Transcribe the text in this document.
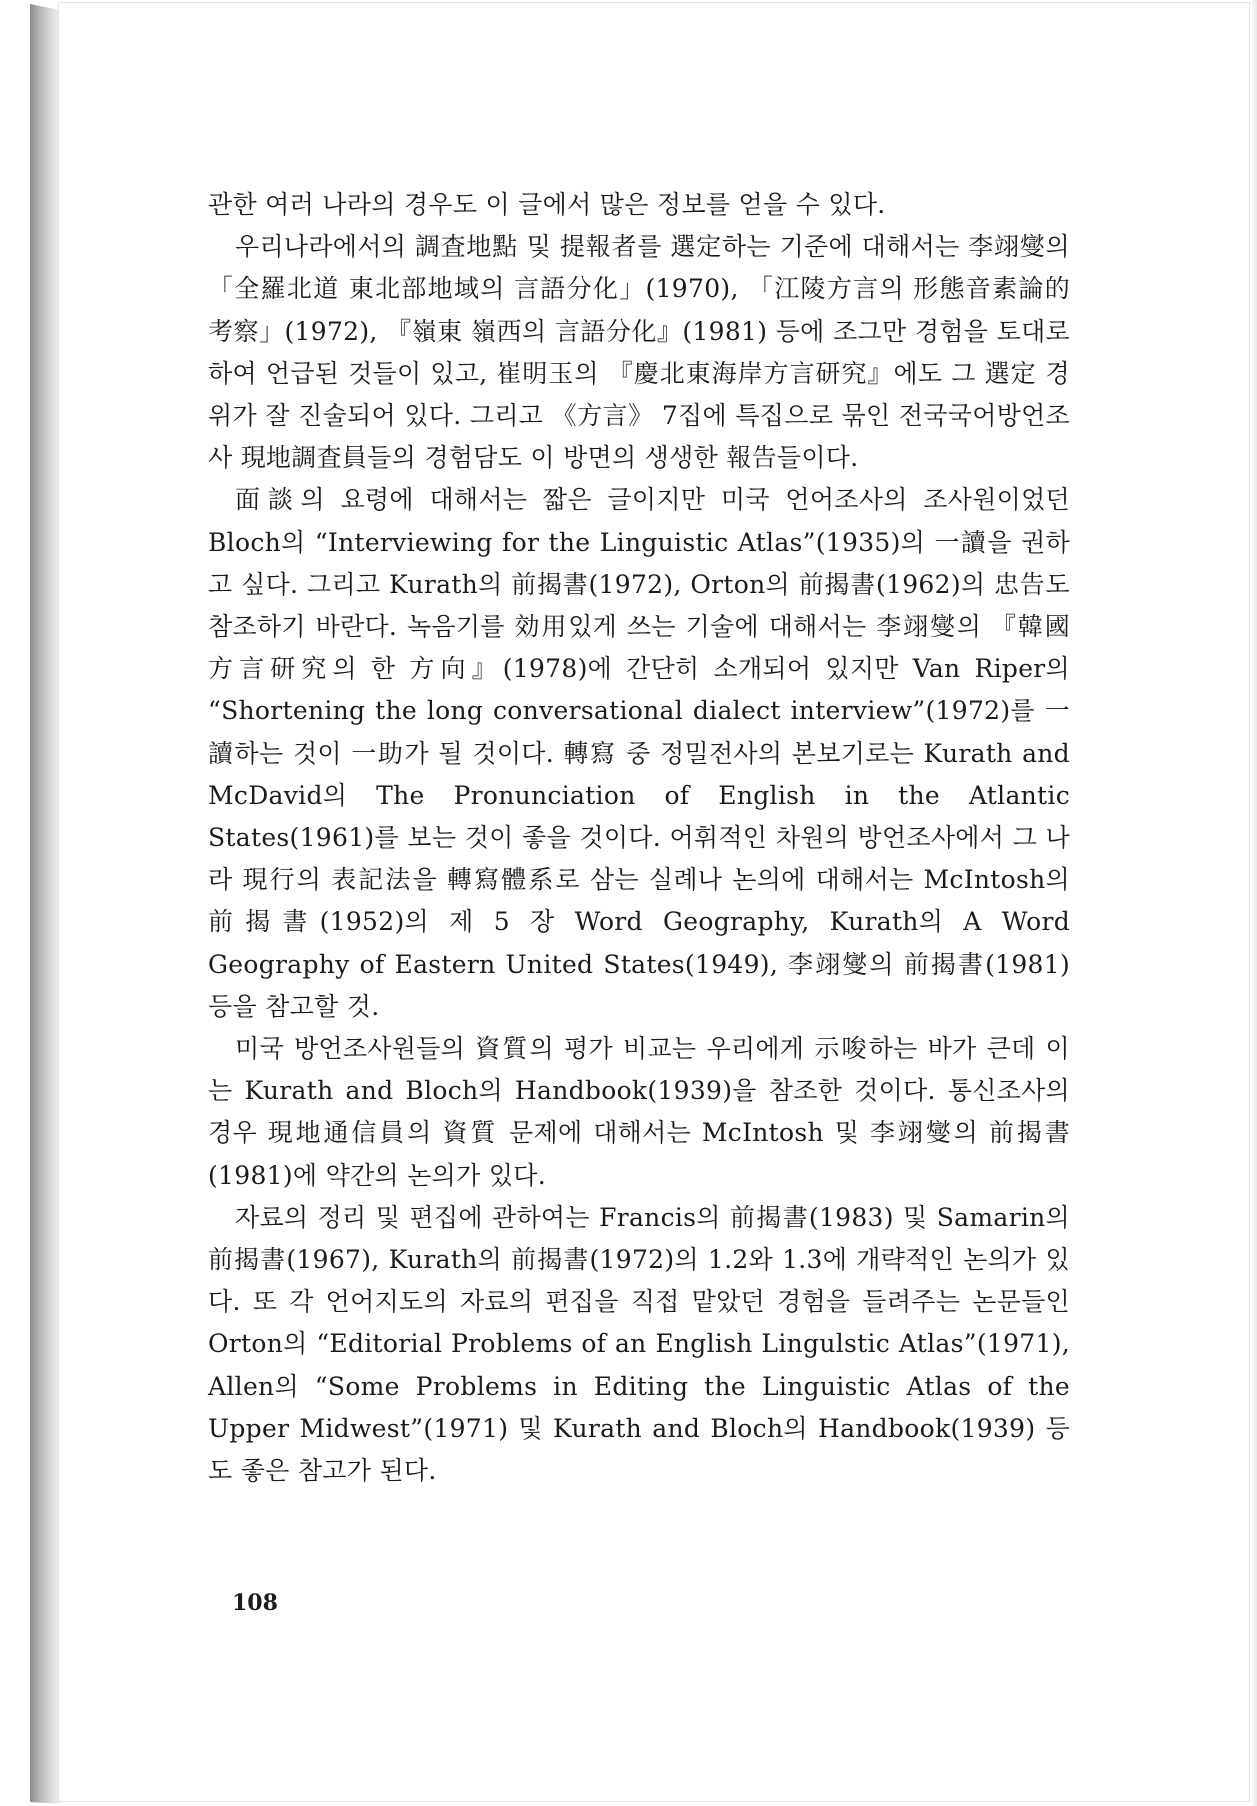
관한 여러 나라의 경우도 이 글에서 많은 정보를 얻을 수 있다.

우리나라에서의 調査地點 및 提報者를 選定하는 기준에 대해서는 李翊燮의 「全羅北道 東北部地域의 言語分化」(1970), 「江陵方言의 形態音素論的 考察」(1972), 『嶺東 嶺西의 言語分化』(1981) 등에 조그만 경험을 토대로 하여 언급된 것들이 있고, 崔明玉의 『慶北東海岸方言研究』에도 그 選定 경위가 잘 진술되어 있다. 그리고 《方言》 7집에 특집으로 묶인 전국국어방언조사 現地調査員들의 경험담도 이 방면의 생생한 報告들이다.

面談의 요령에 대해서는 짧은 글이지만 미국 언어조사의 조사원이었던 Bloch의 “Interviewing for the Linguistic Atlas”(1935)의 一讀을 권하고 싶다. 그리고 Kurath의 前揭書(1972), Orton의 前揭書(1962)의 忠告도 참조하기 바란다. 녹음기를 効用있게 쓰는 기술에 대해서는 李翊燮의 『韓國方言研究의 한 方向』(1978)에 간단히 소개되어 있지만 Van Riper의 “Shortening the long conversational dialect interview”(1972)를 一讀하는 것이 一助가 될 것이다. 轉寫 중 정밀전사의 본보기로는 Kurath and McDavid의 The Pronunciation of English in the Atlantic States(1961)를 보는 것이 좋을 것이다. 어휘적인 차원의 방언조사에서 그 나라 現行의 表記法을 轉寫體系로 삼는 실례나 논의에 대해서는 McIntosh의 前揭書(1952)의 제 5 장 Word Geography, Kurath의 A Word Geography of Eastern United States(1949), 李翊燮의 前揭書(1981) 등을 참고할 것.

미국 방언조사원들의 資質의 평가 비교는 우리에게 示唆하는 바가 큰데 이는 Kurath and Bloch의 Handbook(1939)을 참조한 것이다. 통신조사의 경우 現地通信員의 資質 문제에 대해서는 McIntosh 및 李翊燮의 前揭書(1981)에 약간의 논의가 있다.

자료의 정리 및 편집에 관하여는 Francis의 前揭書(1983) 및 Samarin의 前揭書(1967), Kurath의 前揭書(1972)의 1.2와 1.3에 개략적인 논의가 있다. 또 각 언어지도의 자료의 편집을 직접 맡았던 경험을 들려주는 논문들인 Orton의 “Editorial Problems of an English Lingulstic Atlas”(1971), Allen의 “Some Problems in Editing the Linguistic Atlas of the Upper Midwest”(1971) 및 Kurath and Bloch의 Handbook(1939) 등도 좋은 참고가 된다.

108
